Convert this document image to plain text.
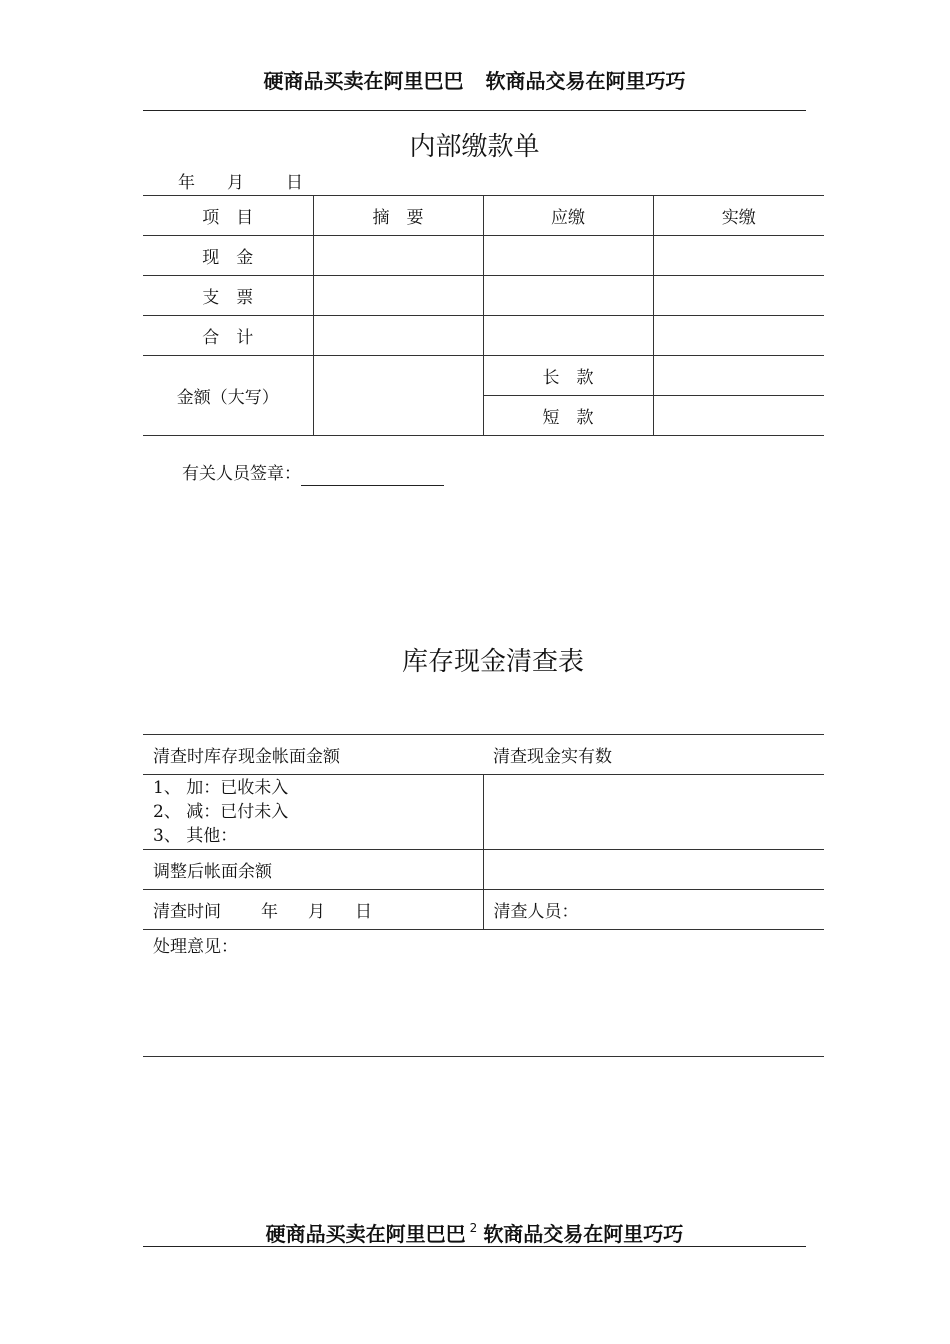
硬商品买卖在阿里巴巴 软商品交易在阿里巧巧
内部缴款单
年 月 日
项　目	摘　要	应缴	实缴
现　金			
支　票			
合　计			
金额（大写）		长　款	
		短　款	
有关人员签章：
库存现金清查表
清查时库存现金帐面金额	清查现金实有数

1、 加：已收未入
2、 减：已付未入
3、 其他：	

调整后帐面余额	
清查时间 年 月 日	清查人员：
处理意见：	
硬商品买卖在阿里巴巴 $^2$ 软商品交易在阿里巧巧
